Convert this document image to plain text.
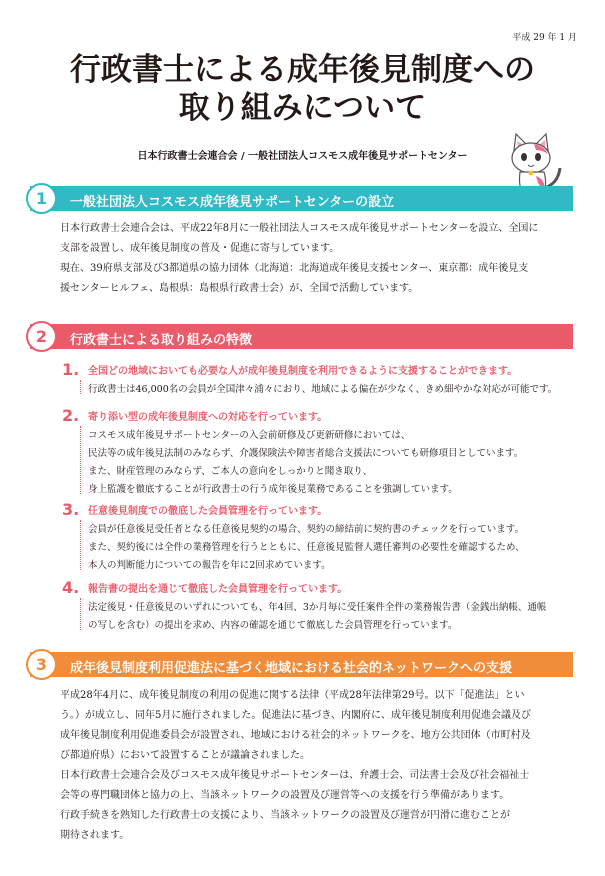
平成 29 年 1 月
行政書士による成年後見制度への
取り組みについて
日本行政書士会連合会 / 一般社団法人コスモス成年後見サポートセンター
1	一般社団法人コスモス成年後見サポートセンターの設立
日本行政書士会連合会は、平成22年8月に一般社団法人コスモス成年後見サポートセンターを設立、全国に
支部を設置し、成年後見制度の普及・促進に寄与しています。
現在、39府県支部及び3都道県の協力団体（北海道：北海道成年後見支援センター、東京都：成年後見支
援センターヒルフェ、島根県：島根県行政書士会）が、全国で活動しています。
2	行政書士による取り組みの特徴
1. 全国どの地域においても必要な人が成年後見制度を利用できるように支援することができます。
行政書士は46,000名の会員が全国津々浦々におり、地域による偏在が少なく、きめ細やかな対応が可能です。
2. 寄り添い型の成年後見制度への対応を行っています。
コスモス成年後見サポートセンターの入会前研修及び更新研修においては、
民法等の成年後見法制のみならず、介護保険法や障害者総合支援法についても研修項目としています。
また、財産管理のみならず、ご本人の意向をしっかりと聞き取り、
身上監護を徹底することが行政書士の行う成年後見業務であることを強調しています。
3. 任意後見制度での徹底した会員管理を行っています。
会員が任意後見受任者となる任意後見契約の場合、契約の締結前に契約書のチェックを行っています。
また、契約後には全件の業務管理を行うとともに、任意後見監督人選任審判の必要性を確認するため、
本人の判断能力についての報告を年に2回求めています。
4. 報告書の提出を通じて徹底した会員管理を行っています。
法定後見・任意後見のいずれについても、年4回、3か月毎に受任案件全件の業務報告書（金銭出納帳、通帳
の写しを含む）の提出を求め、内容の確認を通じて徹底した会員管理を行っています。
3	成年後見制度利用促進法に基づく地域における社会的ネットワークへの支援
平成28年4月に、成年後見制度の利用の促進に関する法律（平成28年法律第29号。以下「促進法」とい
う。）が成立し、同年5月に施行されました。促進法に基づき、内閣府に、成年後見制度利用促進会議及び
成年後見制度利用促進委員会が設置され、地域における社会的ネットワークを、地方公共団体（市町村及
び都道府県）において設置することが議論されました。
日本行政書士会連合会及びコスモス成年後見サポートセンターは、弁護士会、司法書士会及び社会福祉士
会等の専門職団体と協力の上、当該ネットワークの設置及び運営等への支援を行う準備があります。
行政手続きを熟知した行政書士の支援により、当該ネットワークの設置及び運営が円滑に進むことが
期待されます。
